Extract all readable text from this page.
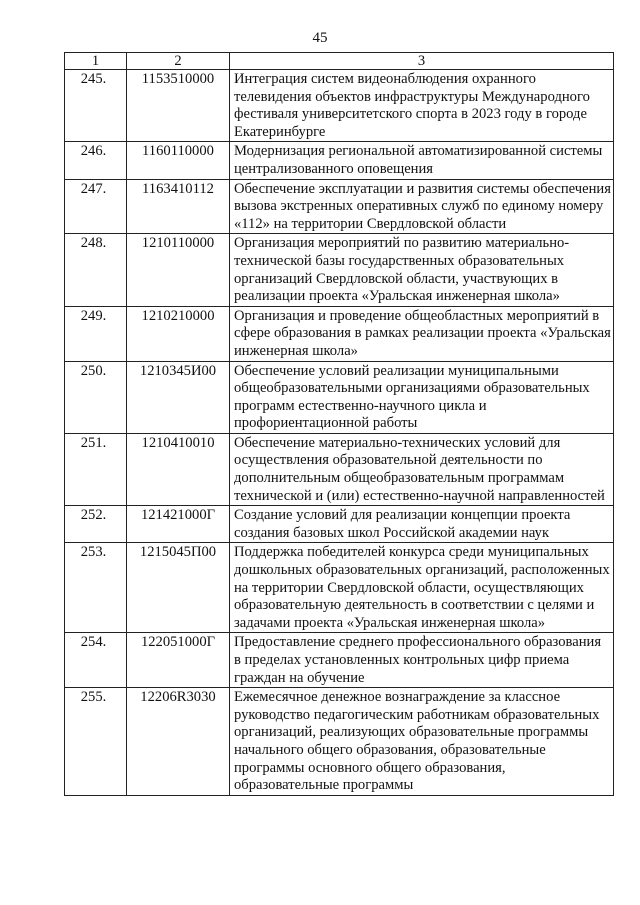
45
1	2	3
245.	1153510000	Интеграция систем видеонаблюдения охранного телевидения объектов инфраструктуры Международного фестиваля университетского спорта в 2023 году в городе Екатеринбурге
246.	1160110000	Модернизация региональной автоматизированной системы централизованного оповещения
247.	1163410112	Обеспечение эксплуатации и развития системы обеспечения вызова экстренных оперативных служб по единому номеру «112» на территории Свердловской области
248.	1210110000	Организация мероприятий по развитию материально-технической базы государственных образовательных организаций Свердловской области, участвующих в реализации проекта «Уральская инженерная школа»
249.	1210210000	Организация и проведение общеобластных мероприятий в сфере образования в рамках реализации проекта «Уральская инженерная школа»
250.	1210345И00	Обеспечение условий реализации муниципальными общеобразовательными организациями образовательных программ естественно-научного цикла и профориентационной работы
251.	1210410010	Обеспечение материально-технических условий для осуществления образовательной деятельности по дополнительным общеобразовательным программам технической и (или) естественно-научной направленностей
252.	121421000Г	Создание условий для реализации концепции проекта создания базовых школ Российской академии наук
253.	1215045П00	Поддержка победителей конкурса среди муниципальных дошкольных образовательных организаций, расположенных на территории Свердловской области, осуществляющих образовательную деятельность в соответствии с целями и задачами проекта «Уральская инженерная школа»
254.	122051000Г	Предоставление среднего профессионального образования в пределах установленных контрольных цифр приема граждан на обучение
255.	12206R3030	Ежемесячное денежное вознаграждение за классное руководство педагогическим работникам образовательных организаций, реализующих образовательные программы начального общего образования, образовательные программы основного общего образования, образовательные программы
